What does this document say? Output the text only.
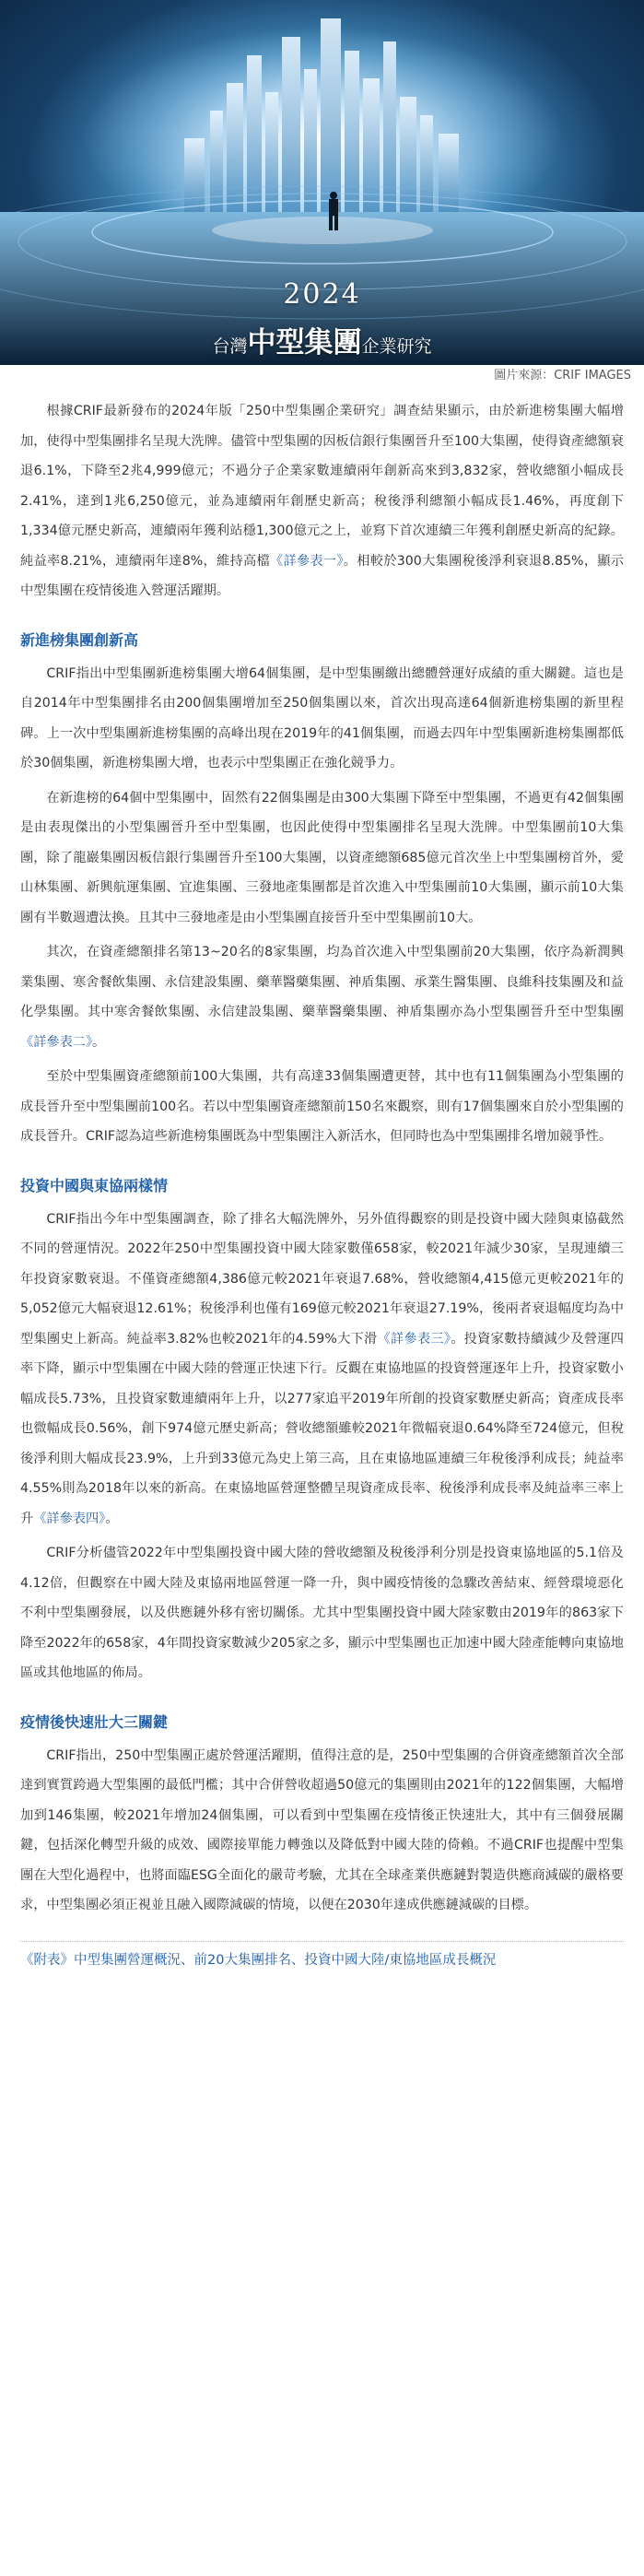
2024
台灣中型集團企業研究
圖片來源：CRIF IMAGES

根據CRIF最新發布的2024年版「250中型集團企業研究」調查結果顯示，由於新進榜集團大幅增加，使得中型集團排名呈現大洗牌。儘管中型集團的因板信銀行集團晉升至100大集團，使得資產總額衰退6.1%，下降至2兆4,999億元；不過分子企業家數連續兩年創新高來到3,832家，營收總額小幅成長2.41%，達到1兆6,250億元，並為連續兩年創歷史新高；稅後淨利總額小幅成長1.46%，再度創下1,334億元歷史新高，連續兩年獲利站穩1,300億元之上，並寫下首次連續三年獲利創歷史新高的紀錄。純益率8.21%，連續兩年達8%，維持高檔《詳參表一》。相較於300大集團稅後淨利衰退8.85%，顯示中型集團在疫情後進入營運活躍期。

新進榜集團創新高

CRIF指出中型集團新進榜集團大增64個集團，是中型集團繳出總體營運好成績的重大關鍵。這也是自2014年中型集團排名由200個集團增加至250個集團以來，首次出現高達64個新進榜集團的新里程碑。上一次中型集團新進榜集團的高峰出現在2019年的41個集團，而過去四年中型集團新進榜集團都低於30個集團，新進榜集團大增，也表示中型集團正在強化競爭力。

在新進榜的64個中型集團中，固然有22個集團是由300大集團下降至中型集團，不過更有42個集團是由表現傑出的小型集團晉升至中型集團，也因此使得中型集團排名呈現大洗牌。中型集團前10大集團，除了龍巖集團因板信銀行集團晉升至100大集團，以資產總額685億元首次坐上中型集團榜首外，愛山林集團、新興航運集團、宜進集團、三發地產集團都是首次進入中型集團前10大集團，顯示前10大集團有半數週遭汰換。且其中三發地產是由小型集團直接晉升至中型集團前10大。

其次，在資產總額排名第13~20名的8家集團，均為首次進入中型集團前20大集團，依序為新潤興業集團、寒舍餐飲集團、永信建設集團、藥華醫藥集團、神盾集團、承業生醫集團、良維科技集團及和益化學集團。其中寒舍餐飲集團、永信建設集團、藥華醫藥集團、神盾集團亦為小型集團晉升至中型集團《詳參表二》。

至於中型集團資產總額前100大集團，共有高達33個集團遭更替，其中也有11個集團為小型集團的成長晉升至中型集團前100名。若以中型集團資產總額前150名來觀察，則有17個集團來自於小型集團的成長晉升。CRIF認為這些新進榜集團既為中型集團注入新活水，但同時也為中型集團排名增加競爭性。

投資中國與東協兩樣情

CRIF指出今年中型集團調查，除了排名大幅洗牌外，另外值得觀察的則是投資中國大陸與東協截然不同的營運情況。2022年250中型集團投資中國大陸家數僅658家，較2021年減少30家，呈現連續三年投資家數衰退。不僅資產總額4,386億元較2021年衰退7.68%，營收總額4,415億元更較2021年的5,052億元大幅衰退12.61%；稅後淨利也僅有169億元較2021年衰退27.19%，後兩者衰退幅度均為中型集團史上新高。純益率3.82%也較2021年的4.59%大下滑《詳參表三》。投資家數持續減少及營運四率下降，顯示中型集團在中國大陸的營運正快速下行。反觀在東協地區的投資營運逐年上升，投資家數小幅成長5.73%，且投資家數連續兩年上升，以277家追平2019年所創的投資家數歷史新高；資產成長率也微幅成長0.56%，創下974億元歷史新高；營收總額雖較2021年微幅衰退0.64%降至724億元，但稅後淨利則大幅成長23.9%，上升到33億元為史上第三高，且在東協地區連續三年稅後淨利成長；純益率4.55%則為2018年以來的新高。在東協地區營運整體呈現資產成長率、稅後淨利成長率及純益率三率上升《詳參表四》。

CRIF分析儘管2022年中型集團投資中國大陸的營收總額及稅後淨利分別是投資東協地區的5.1倍及4.12倍，但觀察在中國大陸及東協兩地區營運一降一升，與中國疫情後的急驟改善結束、經營環境惡化不利中型集團發展，以及供應鏈外移有密切關係。尤其中型集團投資中國大陸家數由2019年的863家下降至2022年的658家，4年間投資家數減少205家之多，顯示中型集團也正加速中國大陸產能轉向東協地區或其他地區的佈局。

疫情後快速壯大三關鍵

CRIF指出，250中型集團正處於營運活躍期，值得注意的是，250中型集團的合併資產總額首次全部達到實質跨過大型集團的最低門檻；其中合併營收超過50億元的集團則由2021年的122個集團，大幅增加到146集團，較2021年增加24個集團，可以看到中型集團在疫情後正快速壯大，其中有三個發展關鍵，包括深化轉型升級的成效、國際接單能力轉強以及降低對中國大陸的倚賴。不過CRIF也提醒中型集團在大型化過程中，也將面臨ESG全面化的嚴苛考驗，尤其在全球產業供應鏈對製造供應商減碳的嚴格要求，中型集團必須正視並且融入國際減碳的情境，以便在2030年達成供應鏈減碳的目標。

《附表》中型集團營運概況、前20大集團排名、投資中國大陸/東協地區成長概況
